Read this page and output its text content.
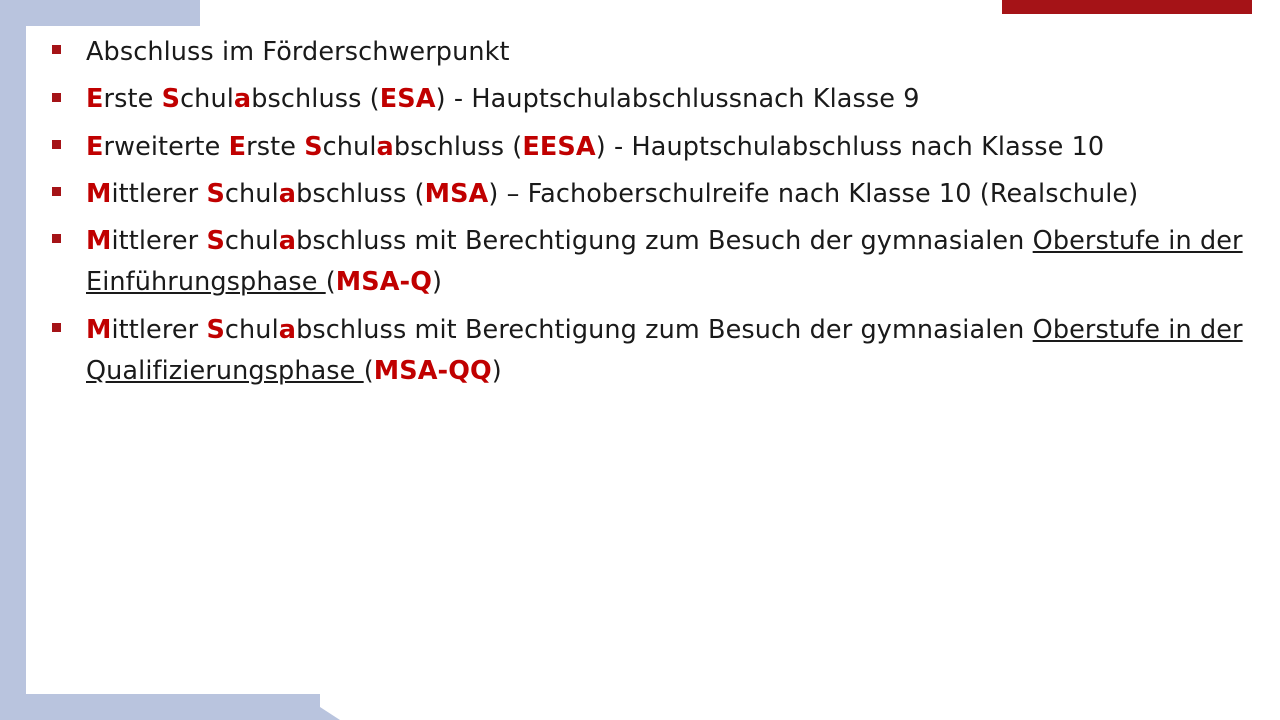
Abschluss im Förderschwerpunkt
Erste Schulabschluss (ESA) - Hauptschulabschlussnach Klasse 9
Erweiterte Erste Schulabschluss (EESA) - Hauptschulabschluss nach Klasse 10
Mittlerer Schulabschluss (MSA) – Fachoberschulreife nach Klasse 10 (Realschule)
Mittlerer Schulabschluss mit Berechtigung zum Besuch der gymnasialen Oberstufe in der Einführungsphase (MSA-Q)
Mittlerer Schulabschluss mit Berechtigung zum Besuch der gymnasialen Oberstufe in der Qualifizierungsphase (MSA-QQ)
